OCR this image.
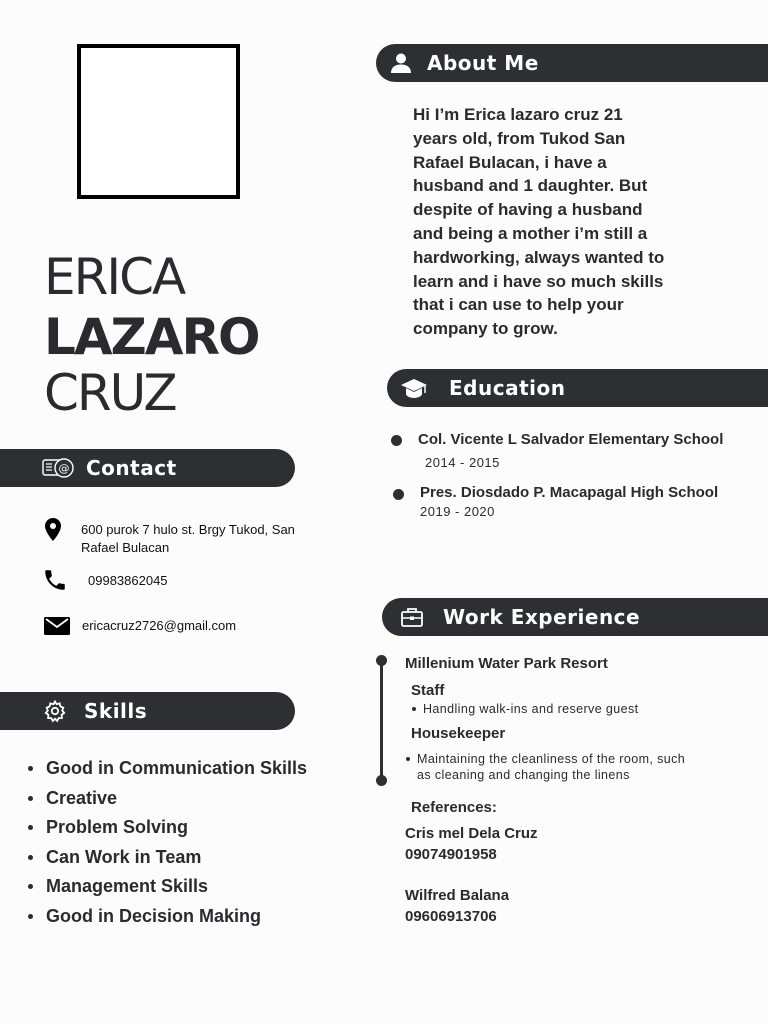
ERICA
LAZARO
CRUZ
@ Contact
600 purok 7 hulo st. Brgy Tukod, San
Rafael Bulacan
09983862045
ericacruz2726@gmail.com
Skills
Good in Communication Skills
Creative
Problem Solving
Can Work in Team
Management Skills
Good in Decision Making
About Me
Hi I’m Erica lazaro cruz 21
years old, from Tukod San
Rafael Bulacan, i have a
husband and 1 daughter. But
despite of having a husband
and being a mother i’m still a
hardworking, always wanted to
learn and i have so much skills
that i can use to help your
company to grow.
Education
Col. Vicente L Salvador Elementary School
2014 - 2015
Pres. Diosdado P. Macapagal High School
2019 - 2020
Work Experience
Millenium Water Park Resort
Staff
Handling walk-ins and reserve guest
Housekeeper
Maintaining the cleanliness of the room, such
as cleaning and changing the linens
References:
Cris mel Dela Cruz
09074901958
Wilfred Balana
09606913706
